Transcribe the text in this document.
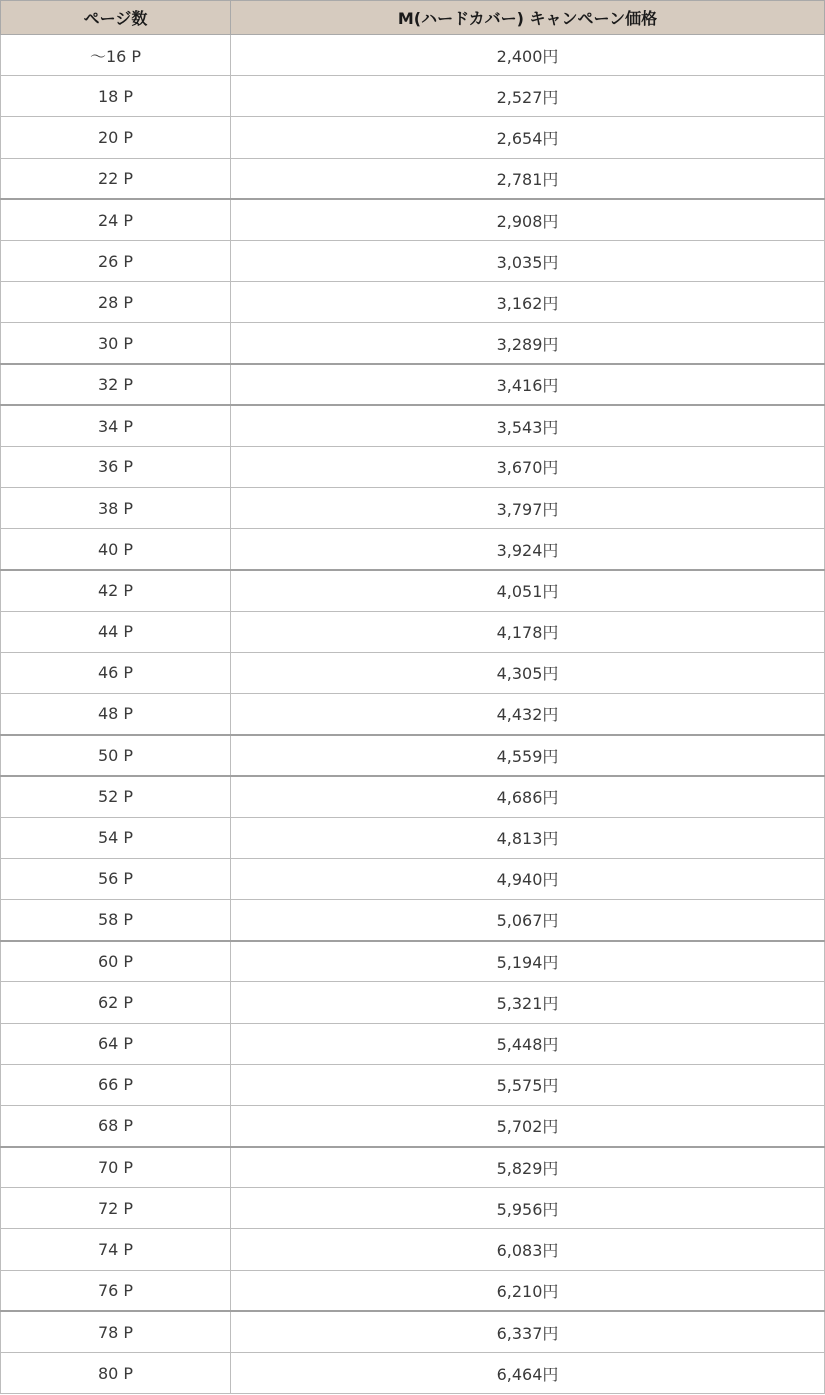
ページ数	M(ハードカバー) キャンペーン価格
～16 P	2,400円
18 P	2,527円
20 P	2,654円
22 P	2,781円
24 P	2,908円
26 P	3,035円
28 P	3,162円
30 P	3,289円
32 P	3,416円
34 P	3,543円
36 P	3,670円
38 P	3,797円
40 P	3,924円
42 P	4,051円
44 P	4,178円
46 P	4,305円
48 P	4,432円
50 P	4,559円
52 P	4,686円
54 P	4,813円
56 P	4,940円
58 P	5,067円
60 P	5,194円
62 P	5,321円
64 P	5,448円
66 P	5,575円
68 P	5,702円
70 P	5,829円
72 P	5,956円
74 P	6,083円
76 P	6,210円
78 P	6,337円
80 P	6,464円
